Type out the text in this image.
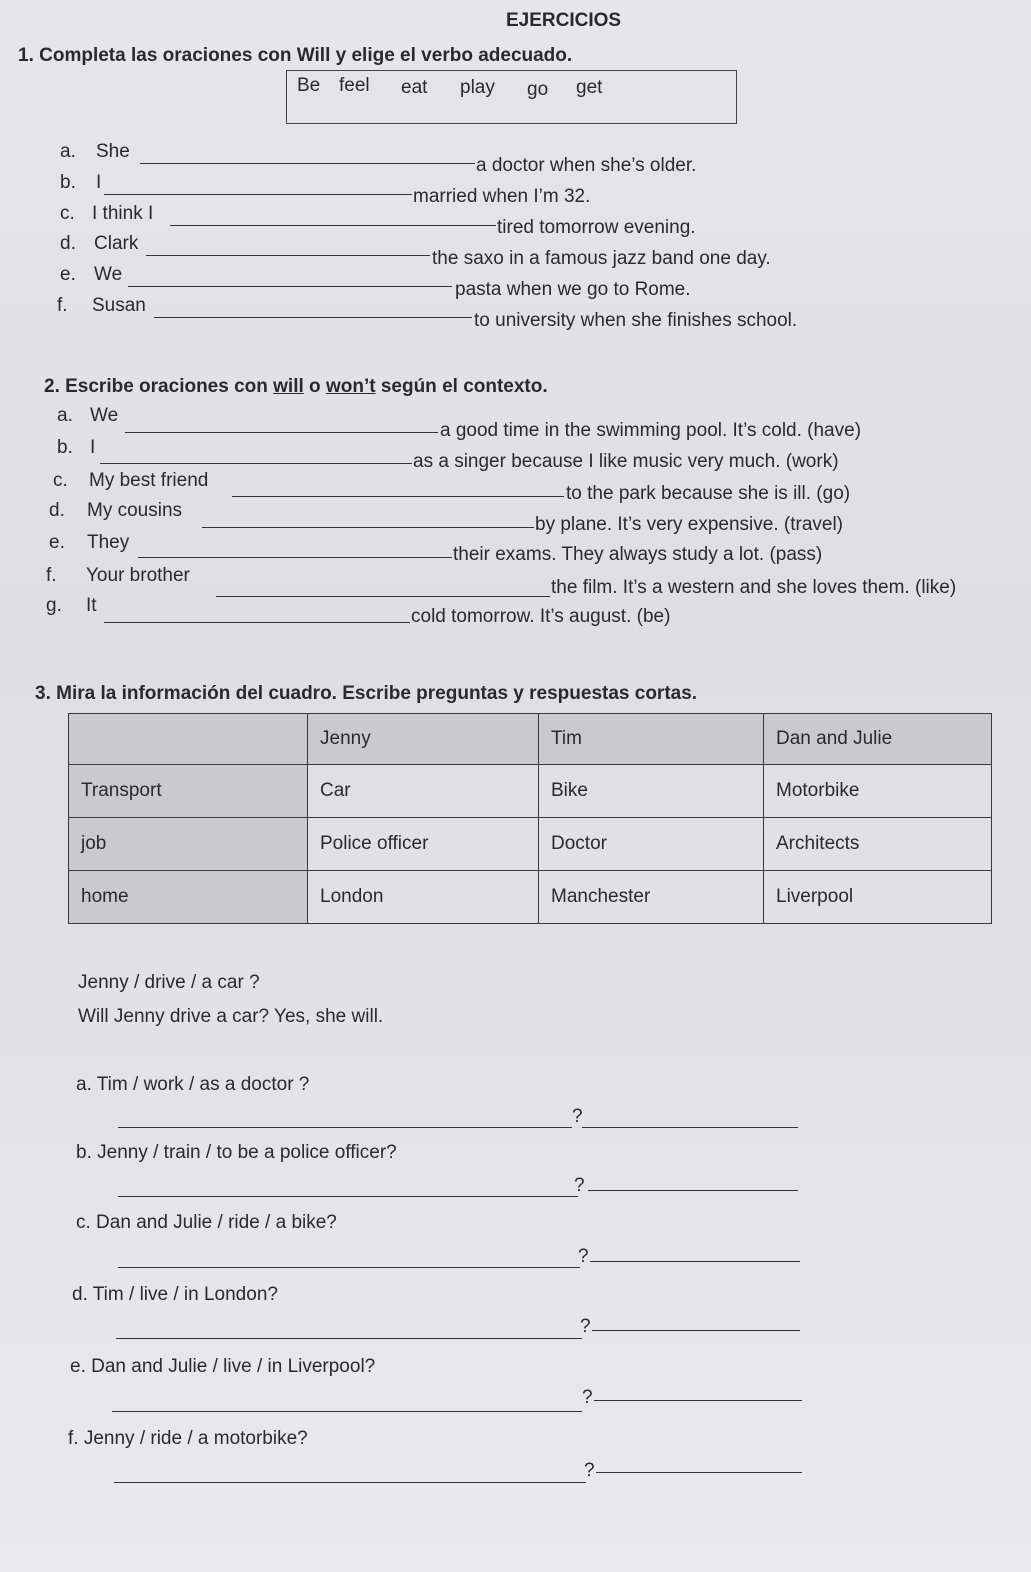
EJERCICIOS
1. Completa las oraciones con Will y elige el verbo adecuado.
Be feel eat play go get
a. She
a doctor when she’s older.
b. I
married when I’m 32.
c. I think I
tired tomorrow evening.
d. Clark
the saxo in a famous jazz band one day.
e. We
pasta when we go to Rome.
f. Susan
to university when she finishes school.
2. Escribe oraciones con will o won’t según el contexto.
a. We
a good time in the swimming pool. It’s cold. (have)
b. I
as a singer because I like music very much. (work)
c. My best friend
to the park because she is ill. (go)
d. My cousins
by plane. It’s very expensive. (travel)
e. They
their exams. They always study a lot. (pass)
f. Your brother
the film. It’s a western and she loves them. (like)
g. It
cold tomorrow. It’s august. (be)
3. Mira la información del cuadro. Escribe preguntas y respuestas cortas.
	Jenny	Tim	Dan and Julie
Transport	Car	Bike	Motorbike
job	Police officer	Doctor	Architects
home	London	Manchester	Liverpool
Jenny / drive / a car ?
Will Jenny drive a car? Yes, she will.
a. Tim / work / as a doctor ?
?
b. Jenny / train / to be a police officer?
?
c. Dan and Julie / ride / a bike?
?
d. Tim / live / in London?
?
e. Dan and Julie / live / in Liverpool?
?
f. Jenny / ride / a motorbike?
?
